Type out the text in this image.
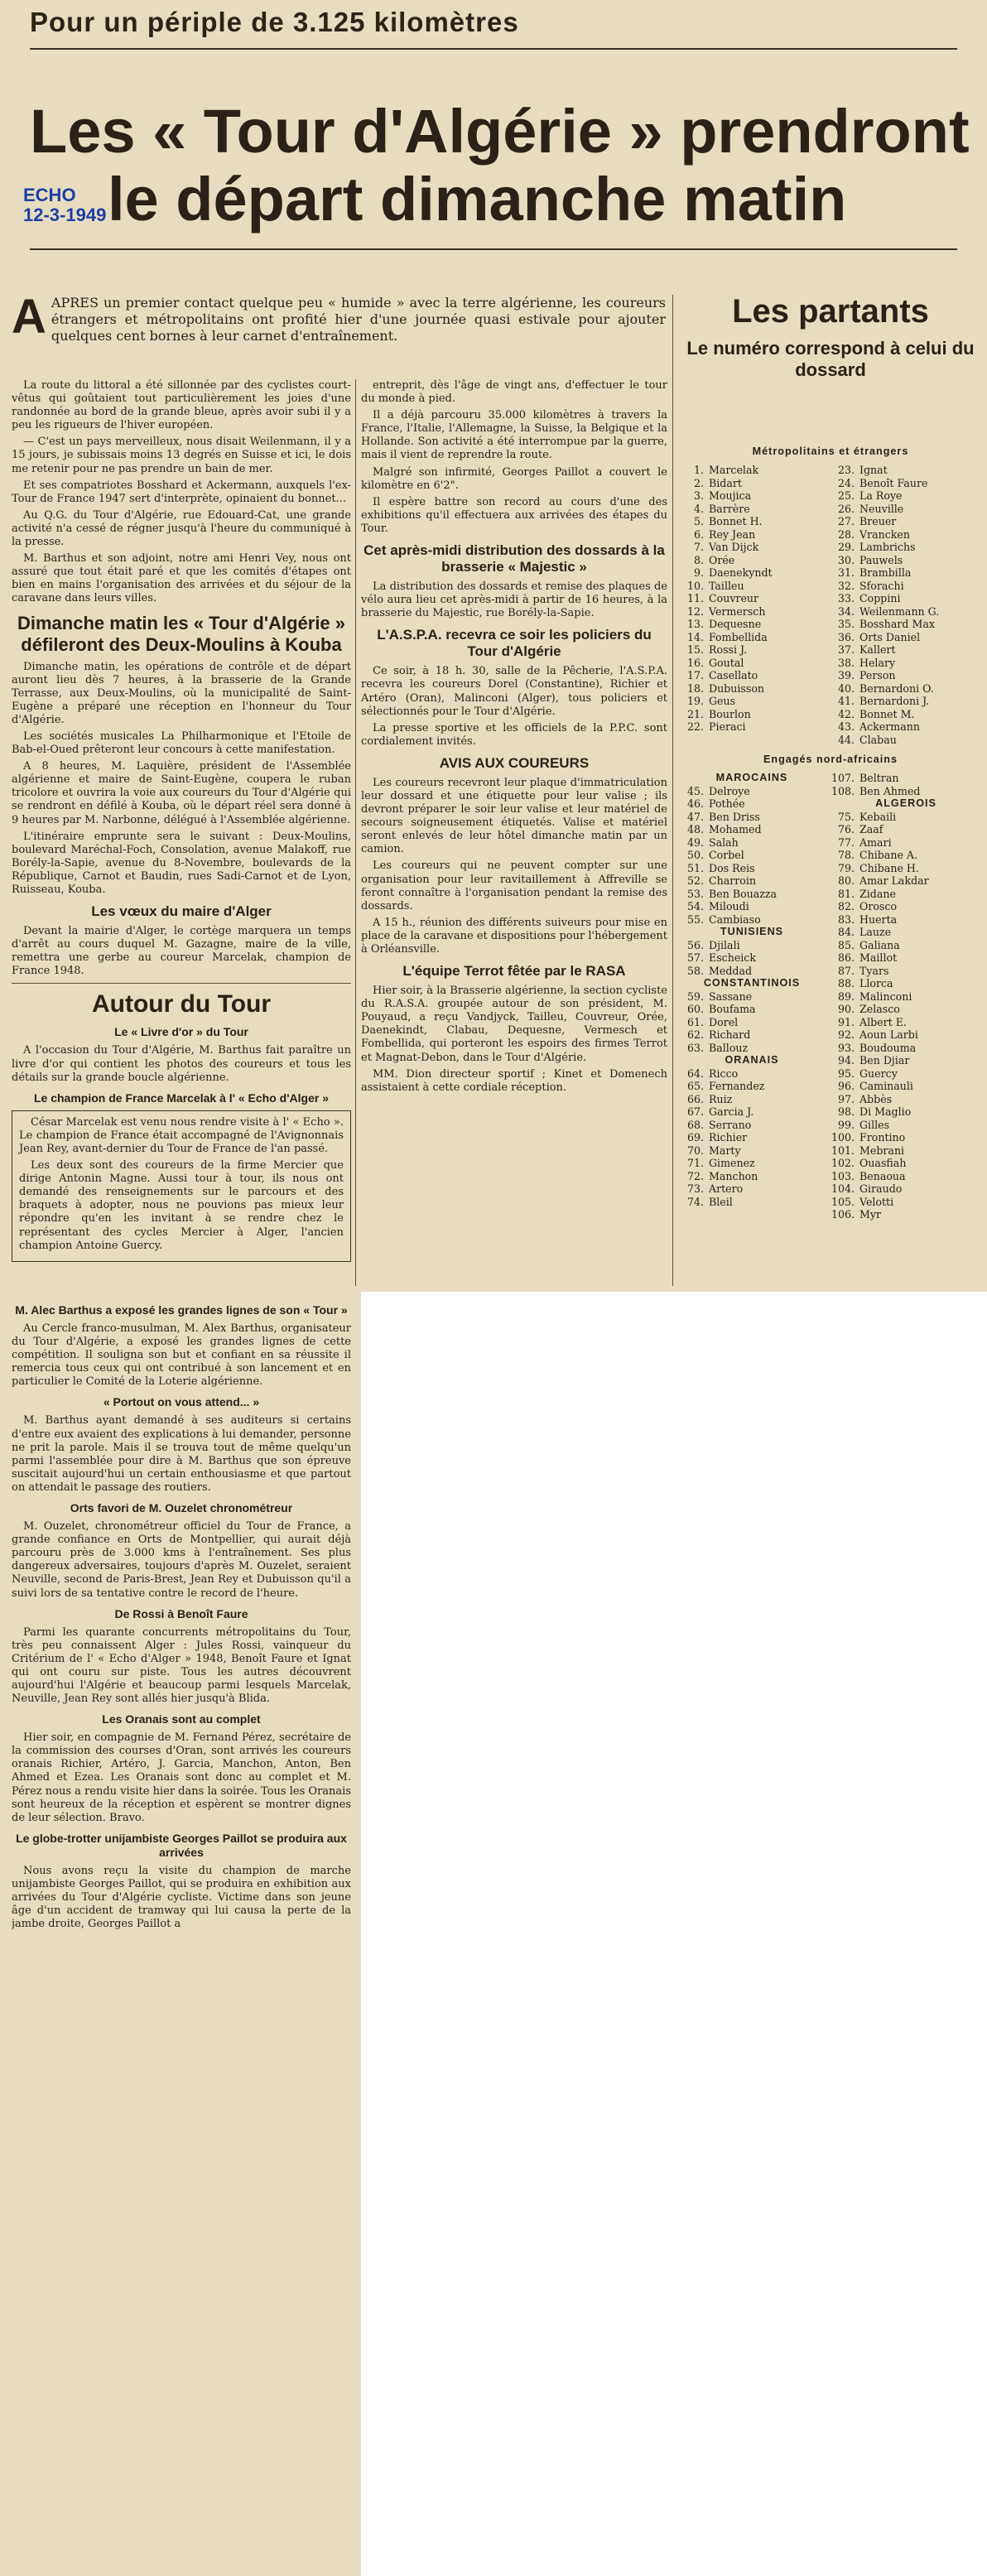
Pour un périple de 3.125 kilomètres
Les « Tour d'Algérie » prendront
le départ dimanche matin
ECHO
12-3-1949
AAPRES un premier contact quelque peu « humide » avec la terre algérienne, les coureurs étrangers et métropolitains ont profité hier d'une journée quasi estivale pour ajouter quelques cent bornes à leur carnet d'entraînement.

La route du littoral a été sillonnée par des cyclistes court-vêtus qui goûtaient tout particulièrement les joies d'une randonnée au bord de la grande bleue, après avoir subi il y a peu les rigueurs de l'hiver européen.

— C'est un pays merveilleux, nous disait Weilenmann, il y a 15 jours, je subissais moins 13 degrés en Suisse et ici, le dois me retenir pour ne pas prendre un bain de mer.

Et ses compatriotes Bosshard et Ackermann, auxquels l'ex-Tour de France 1947 sert d'interprète, opinaient du bonnet...

Au Q.G. du Tour d'Algérie, rue Edouard-Cat, une grande activité n'a cessé de régner jusqu'à l'heure du communiqué à la presse.

M. Barthus et son adjoint, notre ami Henri Vey, nous ont assuré que tout était paré et que les comités d'étapes ont bien en mains l'organisation des arrivées et du séjour de la caravane dans leurs villes.

Dimanche matin les « Tour d'Algérie » défileront des Deux-Moulins à Kouba

Dimanche matin, les opérations de contrôle et de départ auront lieu dès 7 heures, à la brasserie de la Grande Terrasse, aux Deux-Moulins, où la municipalité de Saint-Eugène a préparé une réception en l'honneur du Tour d'Algérie.

Les sociétés musicales La Philharmonique et l'Etoile de Bab-el-Oued prêteront leur concours à cette manifestation.

A 8 heures, M. Laquière, président de l'Assemblée algérienne et maire de Saint-Eugène, coupera le ruban tricolore et ouvrira la voie aux coureurs du Tour d'Algérie qui se rendront en défilé à Kouba, où le départ réel sera donné à 9 heures par M. Narbonne, délégué à l'Assemblée algérienne.

L'itinéraire emprunte sera le suivant : Deux-Moulins, boulevard Maréchal-Foch, Consolation, avenue Malakoff, rue Borély-la-Sapie, avenue du 8-Novembre, boulevards de la République, Carnot et Baudin, rues Sadi-Carnot et de Lyon, Ruisseau, Kouba.

Les vœux du maire d'Alger

Devant la mairie d'Alger, le cortège marquera un temps d'arrêt au cours duquel M. Gazagne, maire de la ville, remettra une gerbe au coureur Marcelak, champion de France 1948.

Autour du Tour
Le « Livre d'or » du Tour

A l'occasion du Tour d'Algérie, M. Barthus fait paraître un livre d'or qui contient les photos des coureurs et tous les détails sur la grande boucle algérienne.

Le champion de France Marcelak à l' « Echo d'Alger »

César Marcelak est venu nous rendre visite à l' « Echo ». Le champion de France était accompagné de l'Avignonnais Jean Rey, avant-dernier du Tour de France de l'an passé.

Les deux sont des coureurs de la firme Mercier que dirige Antonin Magne. Aussi tour à tour, ils nous ont demandé des renseignements sur le parcours et des braquets à adopter, nous ne pouvions pas mieux leur répondre qu'en les invitant à se rendre chez le représentant des cycles Mercier à Alger, l'ancien champion Antoine Guercy.

M. Alec Barthus a exposé les grandes lignes de son « Tour »

Au Cercle franco-musulman, M. Alex Barthus, organisateur du Tour d'Algérie, a exposé les grandes lignes de cette compétition. Il souligna son but et confiant en sa réussite il remercia tous ceux qui ont contribué à son lancement et en particulier le Comité de la Loterie algérienne.

« Portout on vous attend... »

M. Barthus ayant demandé à ses auditeurs si certains d'entre eux avaient des explications à lui demander, personne ne prit la parole. Mais il se trouva tout de même quelqu'un parmi l'assemblée pour dire à M. Barthus que son épreuve suscitait aujourd'hui un certain enthousiasme et que partout on attendait le passage des routiers.

Orts favori de M. Ouzelet chronométreur

M. Ouzelet, chronométreur officiel du Tour de France, a grande confiance en Orts de Montpellier, qui aurait déjà parcouru près de 3.000 kms à l'entraînement. Ses plus dangereux adversaires, toujours d'après M. Ouzelet, seraient Neuville, second de Paris-Brest, Jean Rey et Dubuisson qu'il a suivi lors de sa tentative contre le record de l'heure.

De Rossi à Benoît Faure

Parmi les quarante concurrents métropolitains du Tour, très peu connaissent Alger : Jules Rossi, vainqueur du Critérium de l' « Echo d'Alger » 1948, Benoît Faure et Ignat qui ont couru sur piste. Tous les autres découvrent aujourd'hui l'Algérie et beaucoup parmi lesquels Marcelak, Neuville, Jean Rey sont allés hier jusqu'à Blida.

Les Oranais sont au complet

Hier soir, en compagnie de M. Fernand Pérez, secrétaire de la commission des courses d'Oran, sont arrivés les coureurs oranais Richier, Artéro, J. Garcia, Manchon, Anton, Ben Ahmed et Ezea. Les Oranais sont donc au complet et M. Pérez nous a rendu visite hier dans la soirée. Tous les Oranais sont heureux de la réception et espèrent se montrer dignes de leur sélection. Bravo.

Le globe-trotter unijambiste Georges Paillot se produira aux arrivées

Nous avons reçu la visite du champion de marche unijambiste Georges Paillot, qui se produira en exhibition aux arrivées du Tour d'Algérie cycliste. Victime dans son jeune âge d'un accident de tramway qui lui causa la perte de la jambe droite, Georges Paillot a

entreprit, dès l'âge de vingt ans, d'effectuer le tour du monde à pied.

Il a déjà parcouru 35.000 kilomètres à travers la France, l'Italie, l'Allemagne, la Suisse, la Belgique et la Hollande. Son activité a été interrompue par la guerre, mais il vient de reprendre la route.

Malgré son infirmité, Georges Paillot a couvert le kilomètre en 6'2".

Il espère battre son record au cours d'une des exhibitions qu'il effectuera aux arrivées des étapes du Tour.

Cet après-midi distribution des dossards à la brasserie « Majestic »

La distribution des dossards et remise des plaques de vélo aura lieu cet après-midi à partir de 16 heures, à la brasserie du Majestic, rue Borély-la-Sapie.

L'A.S.P.A. recevra ce soir les policiers du Tour d'Algérie

Ce soir, à 18 h. 30, salle de la Pêcherie, l'A.S.P.A. recevra les coureurs Dorel (Constantine), Richier et Artéro (Oran), Malinconi (Alger), tous policiers et sélectionnés pour le Tour d'Algérie.

La presse sportive et les officiels de la P.P.C. sont cordialement invités.

AVIS AUX COUREURS

Les coureurs recevront leur plaque d'immatriculation leur dossard et une étiquette pour leur valise ; ils devront préparer le soir leur valise et leur matériel de secours soigneusement étiquetés. Valise et matériel seront enlevés de leur hôtel dimanche matin par un camion.

Les coureurs qui ne peuvent compter sur une organisation pour leur ravitaillement à Affreville se feront connaître à l'organisation pendant la remise des dossards.

A 15 h., réunion des différents suiveurs pour mise en place de la caravane et dispositions pour l'hébergement à Orléansville.

L'équipe Terrot fêtée par le RASA

Hier soir, à la Brasserie algérienne, la section cycliste du R.A.S.A. groupée autour de son président, M. Pouyaud, a reçu Vandjyck, Tailleu, Couvreur, Orée, Daenekindt, Clabau, Dequesne, Vermesch et Fombellida, qui porteront les espoirs des firmes Terrot et Magnat-Debon, dans le Tour d'Algérie.

MM. Dion directeur sportif ; Kinet et Domenech assistaient à cette cordiale réception.

Les partants
Le numéro correspond à celui du dossard
Métropolitains et étrangers
1. Marcelak
2. Bidart
3. Moujica
4. Barrère
5. Bonnet H.
6. Rey Jean
7. Van Dijck
8. Orée
9. Daenekyndt
10. Tailleu
11. Couvreur
12. Vermersch
13. Dequesne
14. Fombellida
15. Rossi J.
16. Goutal
17. Casellato
18. Dubuisson
19. Geus
21. Bourlon
22. Pieraci
23. Ignat
24. Benoît Faure
25. La Roye
26. Neuville
27. Breuer
28. Vrancken
29. Lambrichs
30. Pauwels
31. Brambilla
32. Sforachi
33. Coppini
34. Weilenmann G.
35. Bosshard Max
36. Orts Daniel
37. Kallert
38. Helary
39. Person
40. Bernardoni O.
41. Bernardoni J.
42. Bonnet M.
43. Ackermann
44. Clabau
Engagés nord-africains
MAROCAINS
45. Delroye
46. Pothée
47. Ben Driss
48. Mohamed
49. Salah
50. Corbel
51. Dos Reis
52. Charroin
53. Ben Bouazza
54. Miloudi
55. Cambiaso
TUNISIENS
56. Djilali
57. Escheick
58. Meddad
CONSTANTINOIS
59. Sassane
60. Boufama
61. Dorel
62. Richard
63. Ballouz
ORANAIS
64. Ricco
65. Fernandez
66. Ruiz
67. Garcia J.
68. Serrano
69. Richier
70. Marty
71. Gimenez
72. Manchon
73. Artero
74. Bleil
107. Beltran
108. Ben Ahmed
ALGEROIS
75. Kebaili
76. Zaaf
77. Amari
78. Chibane A.
79. Chibane H.
80. Amar Lakdar
81. Zidane
82. Orosco
83. Huerta
84. Lauze
85. Galiana
86. Maillot
87. Tyars
88. Llorca
89. Malinconi
90. Zelasco
91. Albert E.
92. Aoun Larbi
93. Boudouma
94. Ben Djiar
95. Guercy
96. Caminauli
97. Abbès
98. Di Maglio
99. Gilles
100. Frontino
101. Mebrani
102. Ouasfiah
103. Benaoua
104. Giraudo
105. Velotti
106. Myr
